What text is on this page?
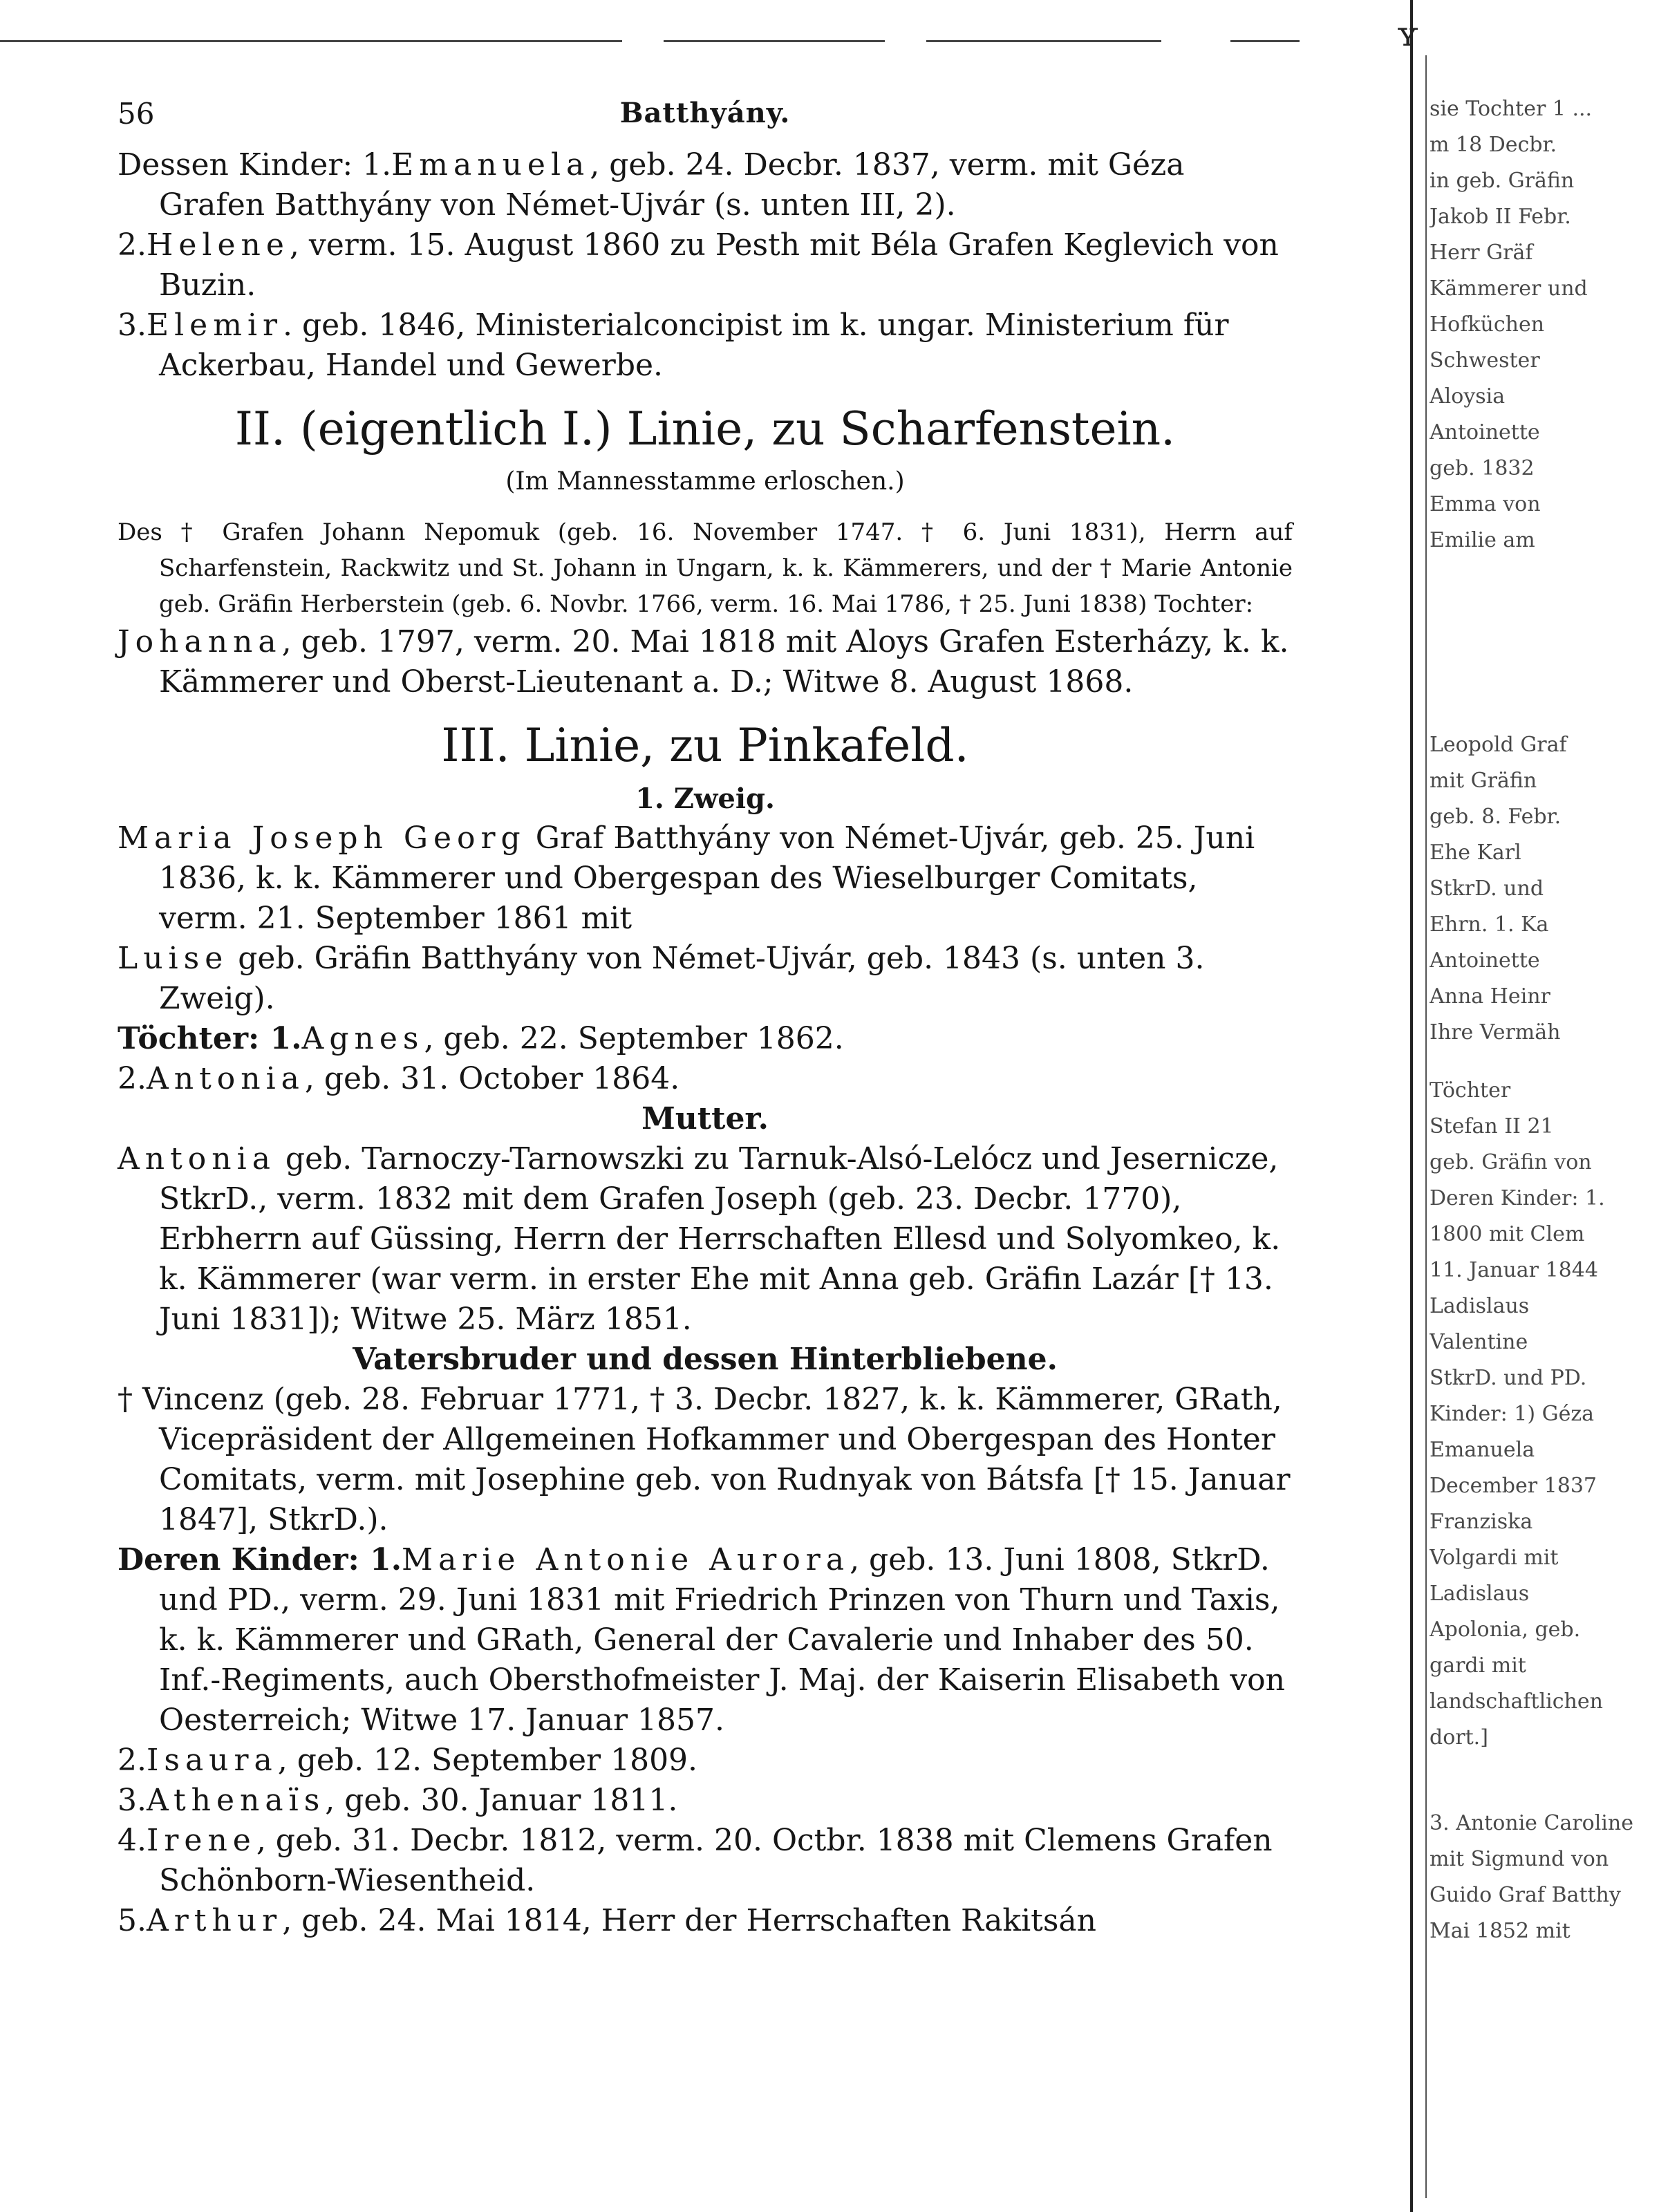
56	Batthyány.

Dessen Kinder: 1.Emanuela, geb. 24. Decbr. 1837, verm. mit Géza Grafen Batthyány von Német-Ujvár (s. unten III, 2).

2.Helene, verm. 15. August 1860 zu Pesth mit Béla Grafen Keglevich von Buzin.

3.Elemir. geb. 1846, Ministerialconcipist im k. ungar. Ministerium für Ackerbau, Handel und Gewerbe.

II. (eigentlich I.) Linie, zu Scharfenstein.
(Im Mannesstamme erloschen.)

Des † Grafen Johann Nepomuk (geb. 16. November 1747. † 6. Juni 1831), Herrn auf Scharfenstein, Rackwitz und St. Johann in Ungarn, k. k. Kämmerers, und der † Marie Antonie geb. Gräfin Herberstein (geb. 6. Novbr. 1766, verm. 16. Mai 1786, † 25. Juni 1838) Tochter:

Johanna, geb. 1797, verm. 20. Mai 1818 mit Aloys Grafen Esterházy, k. k. Kämmerer und Oberst-Lieutenant a. D.; Witwe 8. August 1868.

III. Linie, zu Pinkafeld.
1. Zweig.

Maria Joseph Georg Graf Batthyány von Német-Ujvár, geb. 25. Juni 1836, k. k. Kämmerer und Obergespan des Wieselburger Comitats, verm. 21. September 1861 mit

Luise geb. Gräfin Batthyány von Német-Ujvár, geb. 1843 (s. unten 3. Zweig).

Töchter: 1.Agnes, geb. 22. September 1862.

2.Antonia, geb. 31. October 1864.

Mutter.

Antonia geb. Tarnoczy-Tarnowszki zu Tarnuk-Alsó-Lelócz und Jesernicze, StkrD., verm. 1832 mit dem Grafen Joseph (geb. 23. Decbr. 1770), Erbherrn auf Güssing, Herrn der Herrschaften Ellesd und Solyomkeo, k. k. Kämmerer (war verm. in erster Ehe mit Anna geb. Gräfin Lazár [† 13. Juni 1831]); Witwe 25. März 1851.

Vatersbruder und dessen Hinterbliebene.

† Vincenz (geb. 28. Februar 1771, † 3. Decbr. 1827, k. k. Kämmerer, GRath, Vicepräsident der Allgemeinen Hofkammer und Obergespan des Honter Comitats, verm. mit Josephine geb. von Rudnyak von Bátsfa [† 15. Januar 1847], StkrD.).

Deren Kinder: 1.Marie Antonie Aurora, geb. 13. Juni 1808, StkrD. und PD., verm. 29. Juni 1831 mit Friedrich Prinzen von Thurn und Taxis, k. k. Kämmerer und GRath, General der Cavalerie und Inhaber des 50. Inf.-Regiments, auch Obersthofmeister J. Maj. der Kaiserin Elisabeth von Oesterreich; Witwe 17. Januar 1857.

2.Isaura, geb. 12. September 1809.

3.Athenaïs, geb. 30. Januar 1811.

4.Irene, geb. 31. Decbr. 1812, verm. 20. Octbr. 1838 mit Clemens Grafen Schönborn-Wiesentheid.

5.Arthur, geb. 24. Mai 1814, Herr der Herrschaften Rakitsán

ʏ
sie Tochter 1 ...
m 18 Decbr.
in geb. Gräfin
Jakob II Febr.
Herr Gräf
Kämmerer und
Hofküchen
Schwester
Aloysia
Antoinette
geb. 1832
Emma von
Emilie am
Leopold Graf
mit Gräfin
geb. 8. Febr.
Ehe Karl
StkrD. und
Ehrn. 1. Ka
Antoinette
Anna Heinr
Ihre Vermäh
Töchter
Stefan II 21
geb. Gräfin von
Deren Kinder: 1.
1800 mit Clem
11. Januar 1844
Ladislaus
Valentine
StkrD. und PD.
Kinder: 1) Géza
Emanuela
December 1837
Franziska
Volgardi mit
Ladislaus
Apolonia, geb.
gardi mit
landschaftlichen
dort.]
3. Antonie Caroline
mit Sigmund von
Guido Graf Batthy
Mai 1852 mit
